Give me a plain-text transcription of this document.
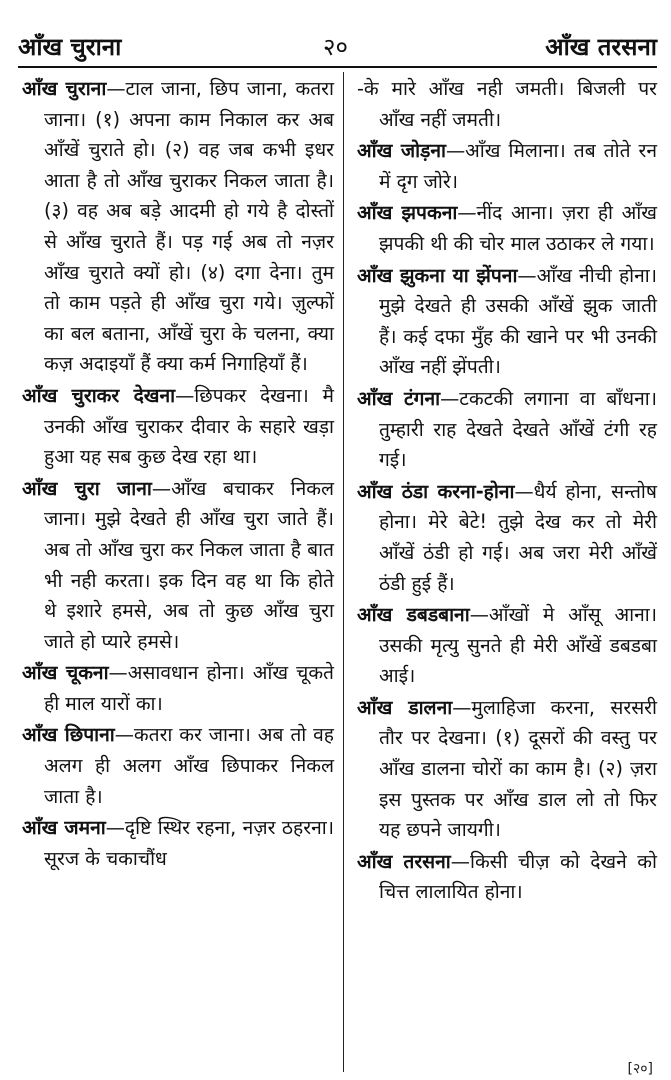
आँख चुराना	२०	आँख तरसना

आँख चुराना—टाल जाना, छिप जाना, कतरा जाना। (१) अपना काम निकाल कर अब आँखें चुराते हो। (२) वह जब कभी इधर आता है तो आँख चुराकर निकल जाता है। (३) वह अब बड़े आदमी हो गये है दोस्तों से आँख चुराते हैं। पड़ गई अब तो नज़र आँख चुराते क्यों हो। (४) दगा देना। तुम तो काम पड़ते ही आँख चुरा गये। ज़ुल्फों का बल बताना, आँखें चुरा के चलना, क्या कज़ अदाइयाँ हैं क्या कर्म निगाहियाँ हैं।

आँख चुराकर देखना—छिपकर देखना। मै उनकी आँख चुराकर दीवार के सहारे खड़ा हुआ यह सब कुछ देख रहा था।

आँख चुरा जाना—आँख बचाकर निकल जाना। मुझे देखते ही आँख चुरा जाते हैं। अब तो आँख चुरा कर निकल जाता है बात भी नही करता। इक दिन वह था कि होते थे इशारे हमसे, अब तो कुछ आँख चुरा जाते हो प्यारे हमसे।

आँख चूकना—असावधान होना। आँख चूकते ही माल यारों का।

आँख छिपाना—कतरा कर जाना। अब तो वह अलग ही अलग आँख छिपाकर निकल जाता है।

आँख जमना—दृष्टि स्थिर रहना, नज़र ठहरना। सूरज के चकाचौंध

-के मारे आँख नही जमती। बिजली पर आँख नहीं जमती।

आँख जोड़ना—आँख मिलाना। तब तोते रन में दृग जोरे।

आँख झपकना—नींद आना। ज़रा ही आँख झपकी थी की चोर माल उठाकर ले गया।

आँख झुकना या झेंपना—आँख नीची होना। मुझे देखते ही उसकी आँखें झुक जाती हैं। कई दफा मुँह की खाने पर भी उनकी आँख नहीं झेंपती।

आँख टंगना—टकटकी लगाना वा बाँधना। तुम्हारी राह देखते देखते आँखें टंगी रह गई।

आँख ठंडा करना-होना—धैर्य होना, सन्तोष होना। मेरे बेटे! तुझे देख कर तो मेरी आँखें ठंडी हो गई। अब जरा मेरी आँखें ठंडी हुई हैं।

आँख डबडबाना—आँखों मे आँसू आना। उसकी मृत्यु सुनते ही मेरी आँखें डबडबा आई।

आँख डालना—मुलाहिजा करना, सरसरी तौर पर देखना। (१) दूसरों की वस्तु पर आँख डालना चोरों का काम है। (२) ज़रा इस पुस्तक पर आँख डाल लो तो फिर यह छपने जायगी।

आँख तरसना—किसी चीज़ को देखने को चित्त लालायित होना।

[२०]
